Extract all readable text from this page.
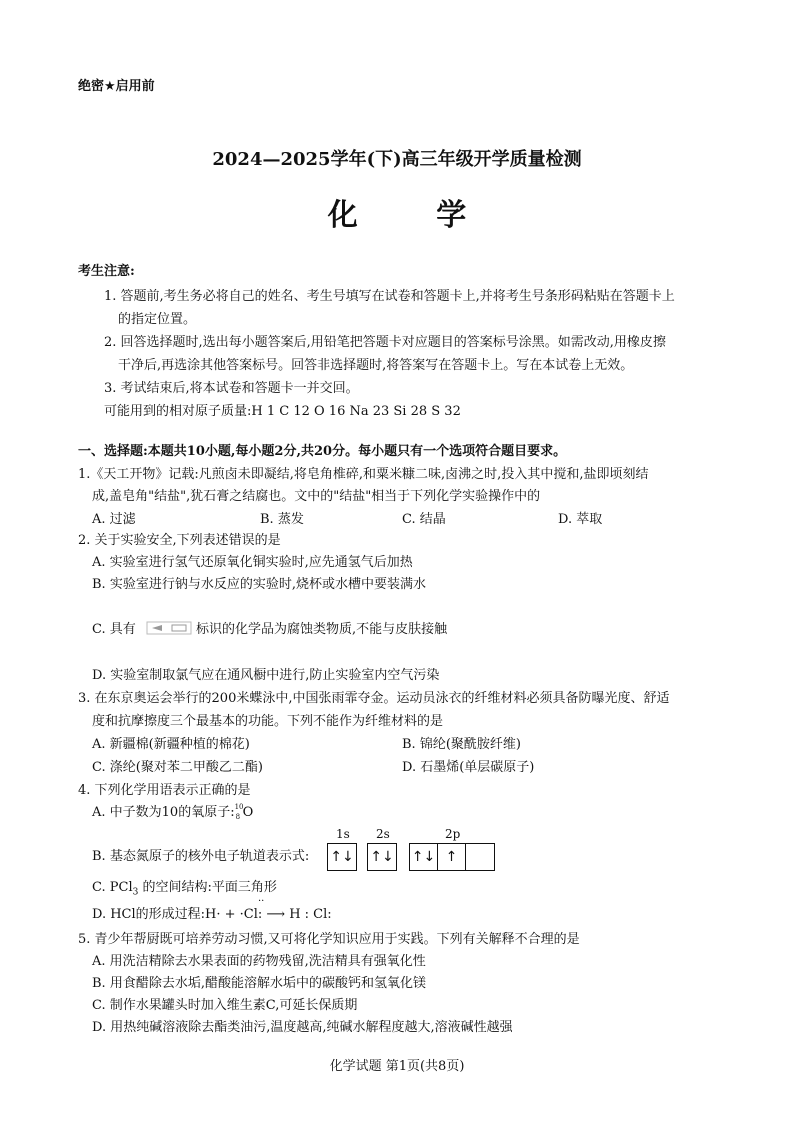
绝密★启用前
2024—2025学年(下)高三年级开学质量检测
化 学
考生注意:
1. 答题前,考生务必将自己的姓名、考生号填写在试卷和答题卡上,并将考生号条形码粘贴在答题卡上
的指定位置。
2. 回答选择题时,选出每小题答案后,用铅笔把答题卡对应题目的答案标号涂黑。如需改动,用橡皮擦
干净后,再选涂其他答案标号。回答非选择题时,将答案写在答题卡上。写在本试卷上无效。
3. 考试结束后,将本试卷和答题卡一并交回。
可能用到的相对原子质量:H 1 C 12 O 16 Na 23 Si 28 S 32
一、选择题:本题共10小题,每小题2分,共20分。每小题只有一个选项符合题目要求。
1.《天工开物》记载:凡煎卤未即凝结,将皂角椎碎,和粟米糠二味,卤沸之时,投入其中搅和,盐即顷刻结
成,盖皂角"结盐",犹石膏之结腐也。文中的"结盐"相当于下列化学实验操作中的
A. 过滤	B. 蒸发	C. 结晶	D. 萃取
2. 关于实验安全,下列表述错误的是
A. 实验室进行氢气还原氧化铜实验时,应先通氢气后加热
B. 实验室进行钠与水反应的实验时,烧杯或水槽中要装满水
C. 具有	标识的化学品为腐蚀类物质,不能与皮肤接触
D. 实验室制取氯气应在通风橱中进行,防止实验室内空气污染
3. 在东京奥运会举行的200米蝶泳中,中国张雨霏夺金。运动员泳衣的纤维材料必须具备防曝光度、舒适
度和抗摩擦度三个最基本的功能。下列不能作为纤维材料的是
A. 新疆棉(新疆种植的棉花)	B. 锦纶(聚酰胺纤维)
C. 涤纶(聚对苯二甲酸乙二酯)	D. 石墨烯(单层碳原子)
4. 下列化学用语表示正确的是
A. 中子数为10的氧原子: 10
8 O
1s 2s	2p
B. 基态氮原子的核外电子轨道表示式: ↑↓ ↑↓ ↑↓ ↑
C. PCl$_3$ 的空间结构:平面三角形
··
D. HCl的形成过程:H· + ·Cl: ⟶ H : Cl:
5. 青少年帮厨既可培养劳动习惯,又可将化学知识应用于实践。下列有关解释不合理的是
A. 用洗洁精除去水果表面的药物残留,洗洁精具有强氧化性
B. 用食醋除去水垢,醋酸能溶解水垢中的碳酸钙和氢氧化镁
C. 制作水果罐头时加入维生素C,可延长保质期
D. 用热纯碱溶液除去酯类油污,温度越高,纯碱水解程度越大,溶液碱性越强
化学试题 第1页(共8页)
